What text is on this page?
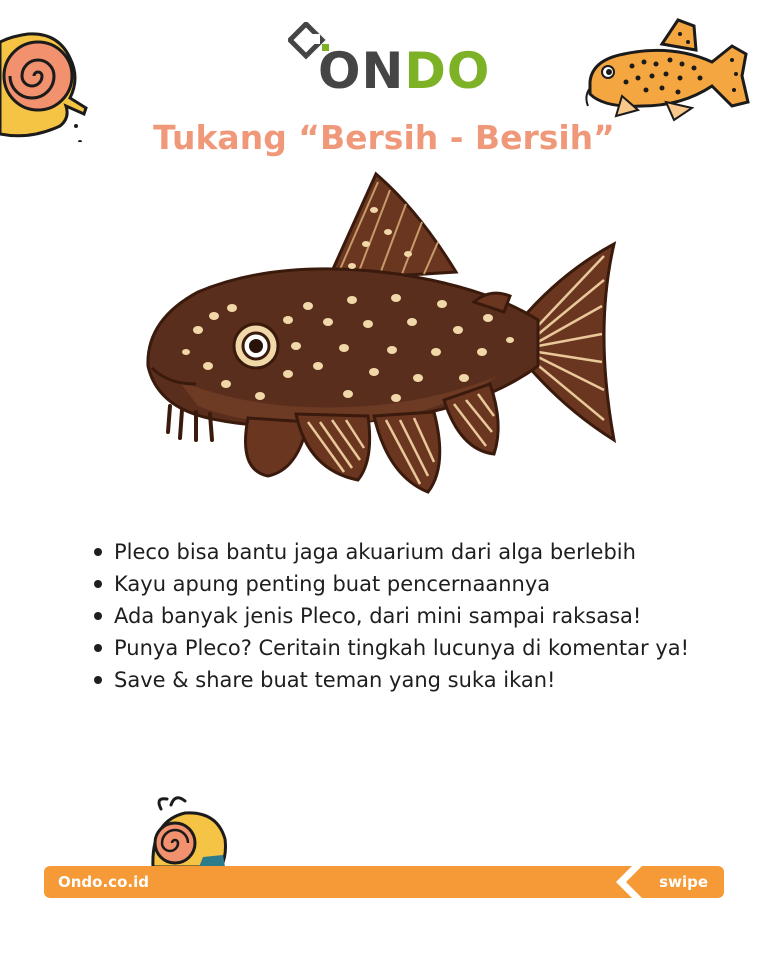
ONDO
Tukang “Bersih - Bersih”
Pleco bisa bantu jaga akuarium dari alga berlebih
Kayu apung penting buat pencernaannya
Ada banyak jenis Pleco, dari mini sampai raksasa!
Punya Pleco? Ceritain tingkah lucunya di komentar ya!
Save & share buat teman yang suka ikan!
Ondo.co.id	swipe
